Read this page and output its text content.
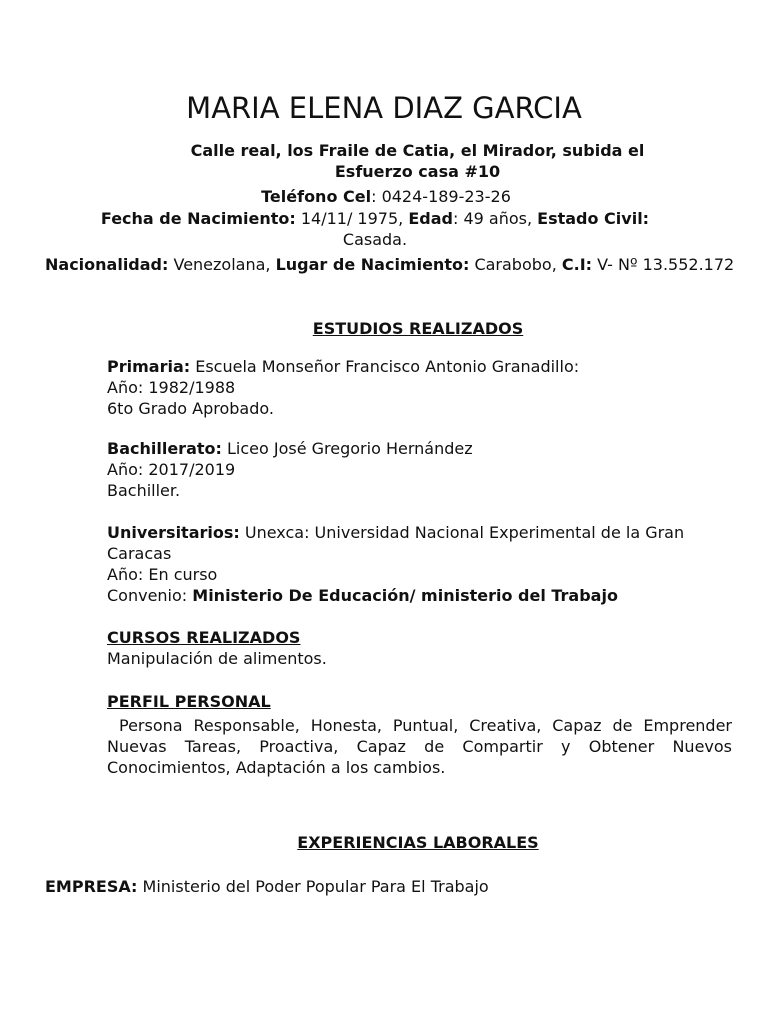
MARIA ELENA DIAZ GARCIA
Calle real, los Fraile de Catia, el Mirador, subida el Esfuerzo casa #10
Teléfono Cel: 0424-189-23-26
Fecha de Nacimiento: 14/11/ 1975, Edad: 49 años, Estado Civil:
Casada.
Nacionalidad: Venezolana, Lugar de Nacimiento: Carabobo, C.I: V- Nº 13.552.172
ESTUDIOS REALIZADOS
Primaria: Escuela Monseñor Francisco Antonio Granadillo:
Año: 1982/1988
6to Grado Aprobado.
Bachillerato: Liceo José Gregorio Hernández
Año: 2017/2019
Bachiller.
Universitarios: Unexca: Universidad Nacional Experimental de la Gran Caracas
Año: En curso
Convenio: Ministerio De Educación/ ministerio del Trabajo
CURSOS REALIZADOS
Manipulación de alimentos.
PERFIL PERSONAL
Persona Responsable, Honesta, Puntual, Creativa, Capaz de Emprender Nuevas Tareas, Proactiva, Capaz de Compartir y Obtener Nuevos Conocimientos, Adaptación a los cambios.
EXPERIENCIAS LABORALES
EMPRESA: Ministerio del Poder Popular Para El Trabajo
